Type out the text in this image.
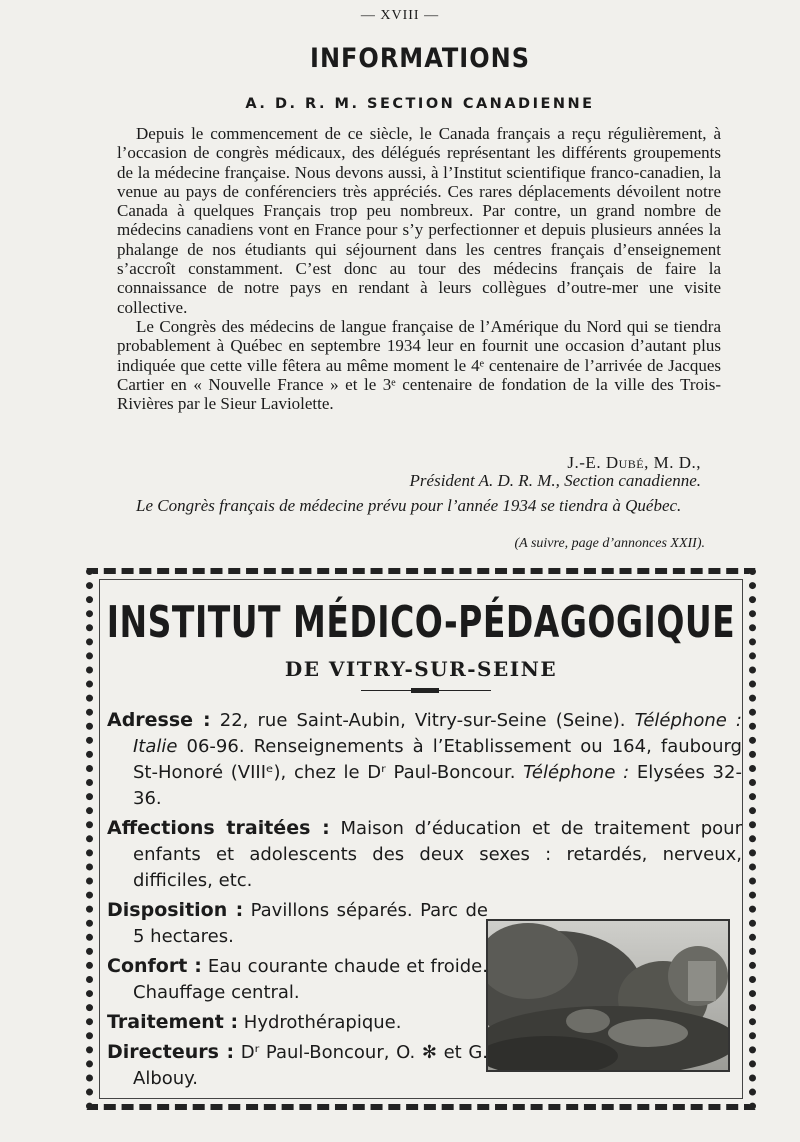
— XVIII —
INFORMATIONS
A. D. R. M. SECTION CANADIENNE

Depuis le commencement de ce siècle, le Canada français a reçu régulièrement, à l’occasion de congrès médicaux, des délégués représentant les différents groupements de la médecine française. Nous devons aussi, à l’Institut scientifique franco-canadien, la venue au pays de conférenciers très appréciés. Ces rares déplacements dévoilent notre Canada à quelques Français trop peu nombreux. Par contre, un grand nombre de médecins canadiens vont en France pour s’y perfectionner et depuis plusieurs années la phalange de nos étudiants qui séjournent dans les centres français d’enseignement s’accroît constamment. C’est donc au tour des médecins français de faire la connaissance de notre pays en rendant à leurs collègues d’outre-mer une visite collective.

Le Congrès des médecins de langue française de l’Amérique du Nord qui se tiendra probablement à Québec en septembre 1934 leur en fournit une occasion d’autant plus indiquée que cette ville fêtera au même moment le 4ᵉ centenaire de l’arrivée de Jacques Cartier en « Nouvelle France » et le 3ᵉ centenaire de fondation de la ville des Trois-Rivières par le Sieur Laviolette.

J.-E. Dubé, M. D.,
Président A. D. R. M., Section canadienne.
Le Congrès français de médecine prévu pour l’année 1934 se tiendra à Québec.
(A suivre, page d’annonces XXII).
INSTITUT MÉDICO-PÉDAGOGIQUE
DE VITRY-SUR-SEINE

Adresse : 22, rue Saint-Aubin, Vitry-sur-Seine (Seine). Téléphone : Italie 06-96. Renseignements à l’Etablissement ou 164, faubourg St-Honoré (VIIIᵉ), chez le Dʳ Paul-Boncour. Téléphone : Elysées 32-36.

Affections traitées : Maison d’éducation et de traitement pour enfants et adolescents des deux sexes : retardés, nerveux, difficiles, etc.

Disposition : Pavillons séparés. Parc de 5 hectares.

Confort : Eau courante chaude et froide. Chauffage central.

Traitement : Hydrothérapique.

Directeurs : Dʳ Paul-Boncour, O. ✻ et G. Albouy.
